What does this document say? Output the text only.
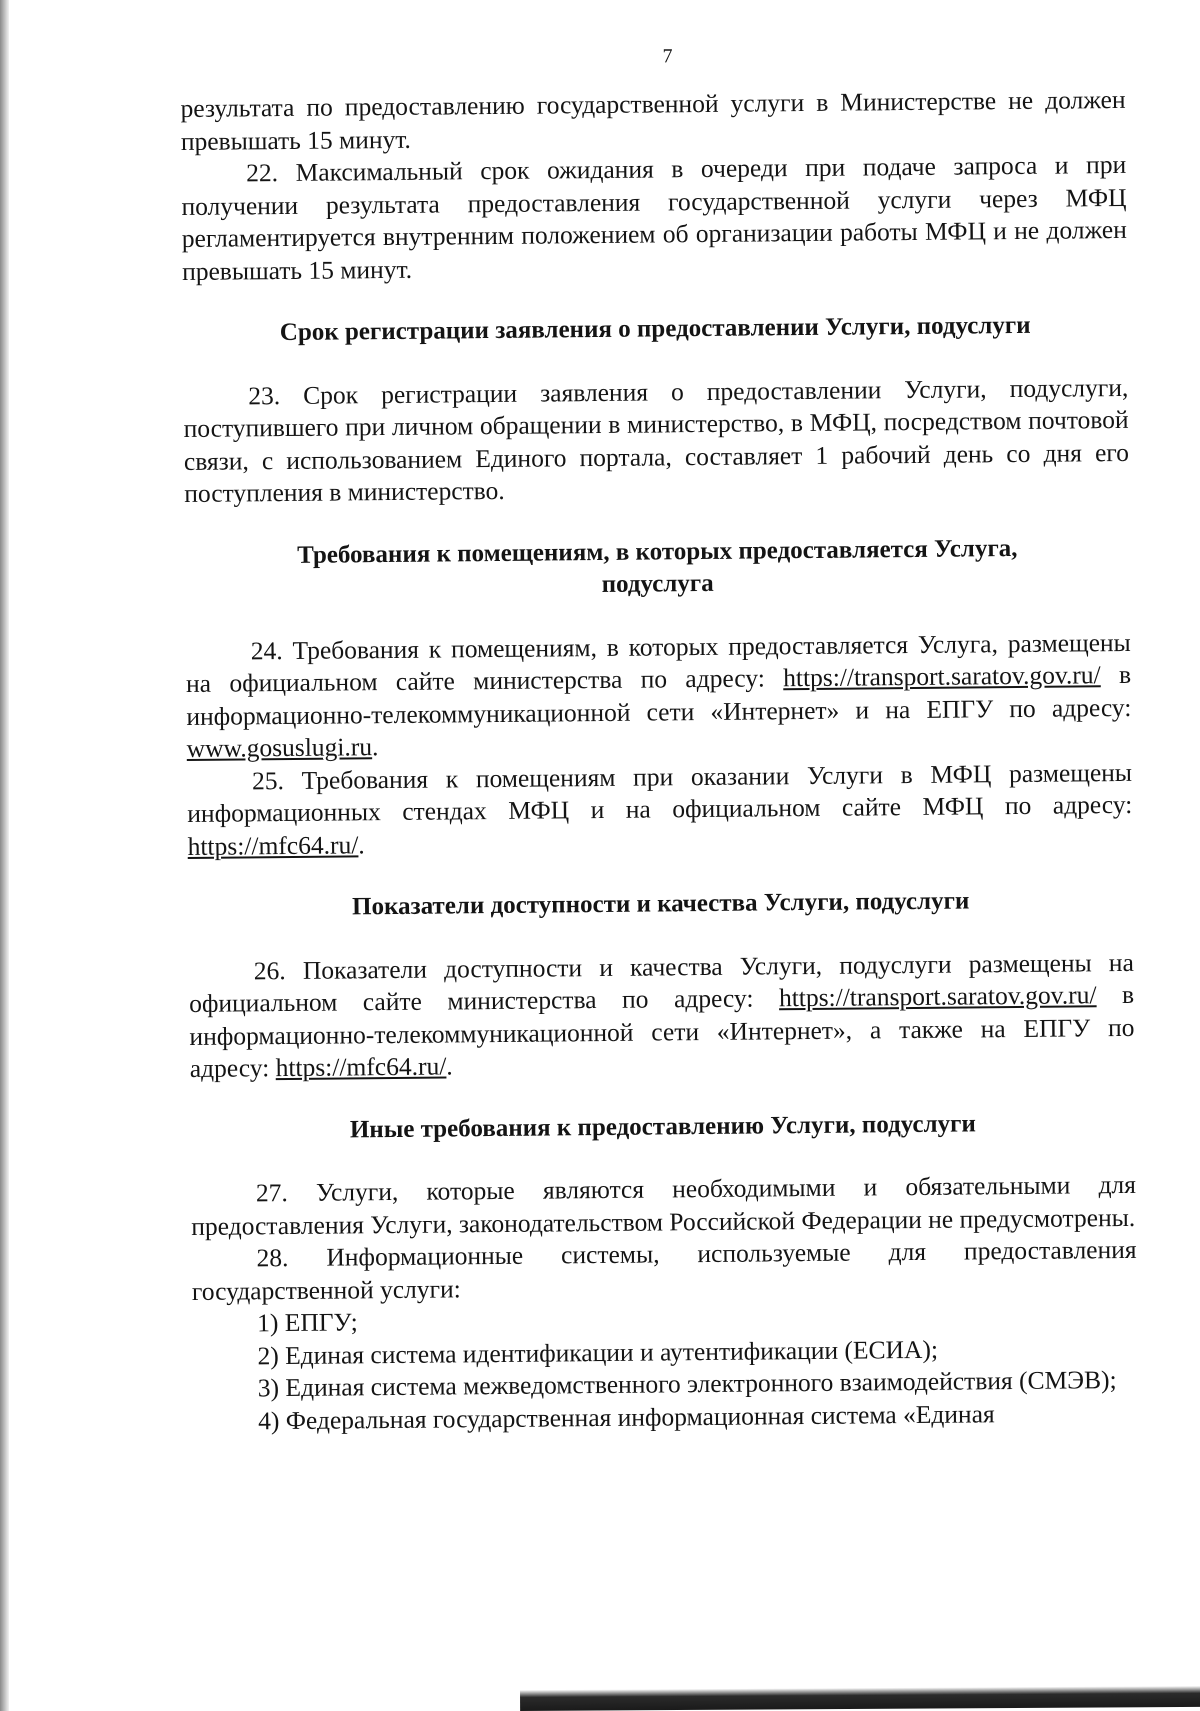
7

результата по предоставлению государственной услуги в Министерстве не должен превышать 15 минут.

22. Максимальный срок ожидания в очереди при подаче запроса и при получении результата предоставления государственной услуги через МФЦ регламентируется внутренним положением об организации работы МФЦ и не должен превышать 15 минут.

Срок регистрации заявления о предоставлении Услуги, подуслуги

23. Срок регистрации заявления о предоставлении Услуги, подуслуги, поступившего при личном обращении в министерство, в МФЦ, посредством почтовой связи, с использованием Единого портала, составляет 1 рабочий день со дня его поступления в министерство.

Требования к помещениям, в которых предоставляется Услуга,
подуслуга

24. Требования к помещениям, в которых предоставляется Услуга, размещены на официальном сайте министерства по адресу: https://transport.saratov.gov.ru/ в информационно-телекоммуникационной сети «Интернет» и на ЕПГУ по адресу: www.gosuslugi.ru.

25. Требования к помещениям при оказании Услуги в МФЦ размещены информационных стендах МФЦ и на официальном сайте МФЦ по адресу: https://mfc64.ru/.

Показатели доступности и качества Услуги, подуслуги

26. Показатели доступности и качества Услуги, подуслуги размещены на официальном сайте министерства по адресу: https://transport.saratov.gov.ru/ в информационно-телекоммуникационной сети «Интернет», а также на ЕПГУ по адресу: https://mfc64.ru/.

Иные требования к предоставлению Услуги, подуслуги

27. Услуги, которые являются необходимыми и обязательными для предоставления Услуги, законодательством Российской Федерации не предусмотрены.

28. Информационные системы, используемые для предоставления государственной услуги:

1) ЕПГУ;

2) Единая система идентификации и аутентификации (ЕСИА);

3) Единая система межведомственного электронного взаимодействия (СМЭВ);

4) Федеральная государственная информационная система «Единая
